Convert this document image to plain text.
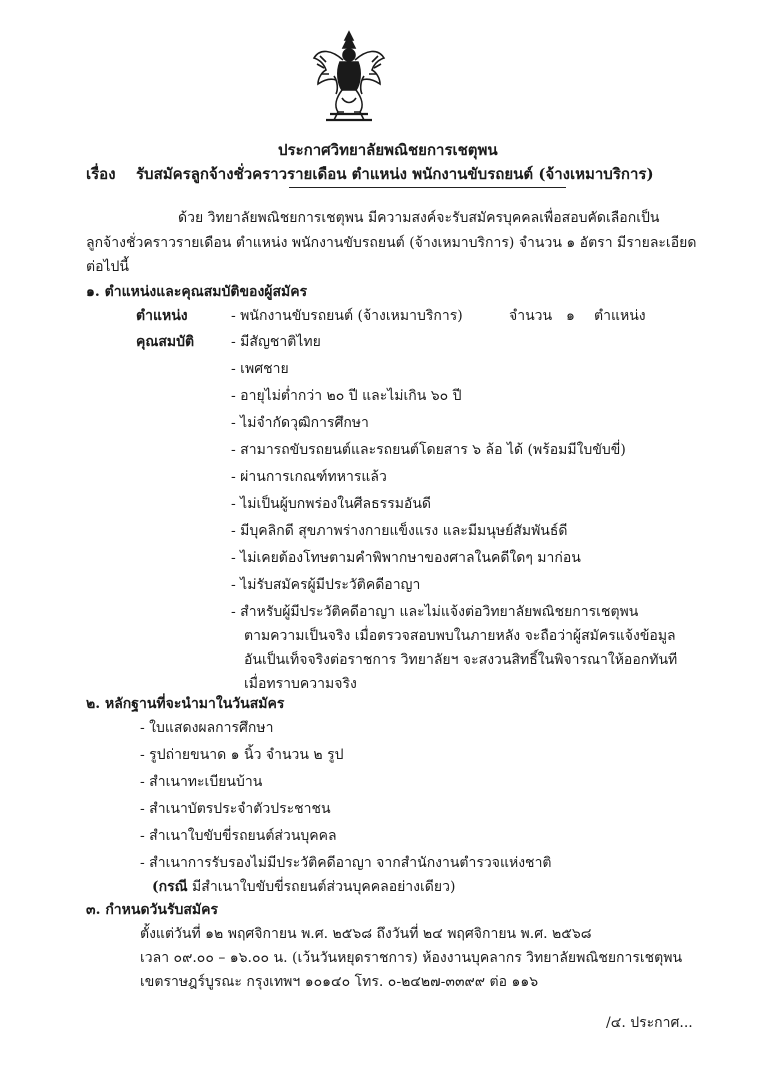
ประกาศวิทยาลัยพณิชยการเชตุพน
เรื่อง รับสมัครลูกจ้างชั่วคราวรายเดือน ตำแหน่ง พนักงานขับรถยนต์ (จ้างเหมาบริการ)
ด้วย วิทยาลัยพณิชยการเชตุพน มีความสงค์จะรับสมัครบุคคลเพื่อสอบคัดเลือกเป็น
ลูกจ้างชั่วคราวรายเดือน ตำแหน่ง พนักงานขับรถยนต์ (จ้างเหมาบริการ) จำนวน ๑ อัตรา มีรายละเอียด
ต่อไปนี้
๑. ตำแหน่งและคุณสมบัติของผู้สมัคร
ตำแหน่ง	- พนักงานขับรถยนต์ (จ้างเหมาบริการ)	จำนวน ๑ ตำแหน่ง
คุณสมบัติ	- มีสัญชาติไทย
- เพศชาย
- อายุไม่ต่ำกว่า ๒๐ ปี และไม่เกิน ๖๐ ปี
- ไม่จำกัดวุฒิการศึกษา
- สามารถขับรถยนต์และรถยนต์โดยสาร ๖ ล้อ ได้ (พร้อมมีใบขับขี่)
- ผ่านการเกณฑ์ทหารแล้ว
- ไม่เป็นผู้บกพร่องในศีลธรรมอันดี
- มีบุคลิกดี สุขภาพร่างกายแข็งแรง และมีมนุษย์สัมพันธ์ดี
- ไม่เคยต้องโทษตามคำพิพากษาของศาลในคดีใดๆ มาก่อน
- ไม่รับสมัครผู้มีประวัติคดีอาญา
- สำหรับผู้มีประวัติคดีอาญา และไม่แจ้งต่อวิทยาลัยพณิชยการเชตุพน
ตามความเป็นจริง เมื่อตรวจสอบพบในภายหลัง จะถือว่าผู้สมัครแจ้งข้อมูล
อันเป็นเท็จจริงต่อราชการ วิทยาลัยฯ จะสงวนสิทธิ์ในพิจารณาให้ออกทันที
เมื่อทราบความจริง
๒. หลักฐานที่จะนำมาในวันสมัคร
- ใบแสดงผลการศึกษา
- รูปถ่ายขนาด ๑ นิ้ว จำนวน ๒ รูป
- สำเนาทะเบียนบ้าน
- สำเนาบัตรประจำตัวประชาชน
- สำเนาใบขับขี่รถยนต์ส่วนบุคคล
- สำเนาการรับรองไม่มีประวัติคดีอาญา จากสำนักงานตำรวจแห่งชาติ
(กรณี มีสำเนาใบขับขี่รถยนต์ส่วนบุคคลอย่างเดียว)
๓. กำหนดวันรับสมัคร
ตั้งแต่วันที่ ๑๒ พฤศจิกายน พ.ศ. ๒๕๖๘ ถึงวันที่ ๒๔ พฤศจิกายน พ.ศ. ๒๕๖๘
เวลา ๐๙.๐๐ – ๑๖.๐๐ น. (เว้นวันหยุดราชการ) ห้องงานบุคลากร วิทยาลัยพณิชยการเชตุพน
เขตราษฎร์บูรณะ กรุงเทพฯ ๑๐๑๔๐ โทร. ๐-๒๔๒๗-๓๓๙๙ ต่อ ๑๑๖
/๔. ประกาศ...
